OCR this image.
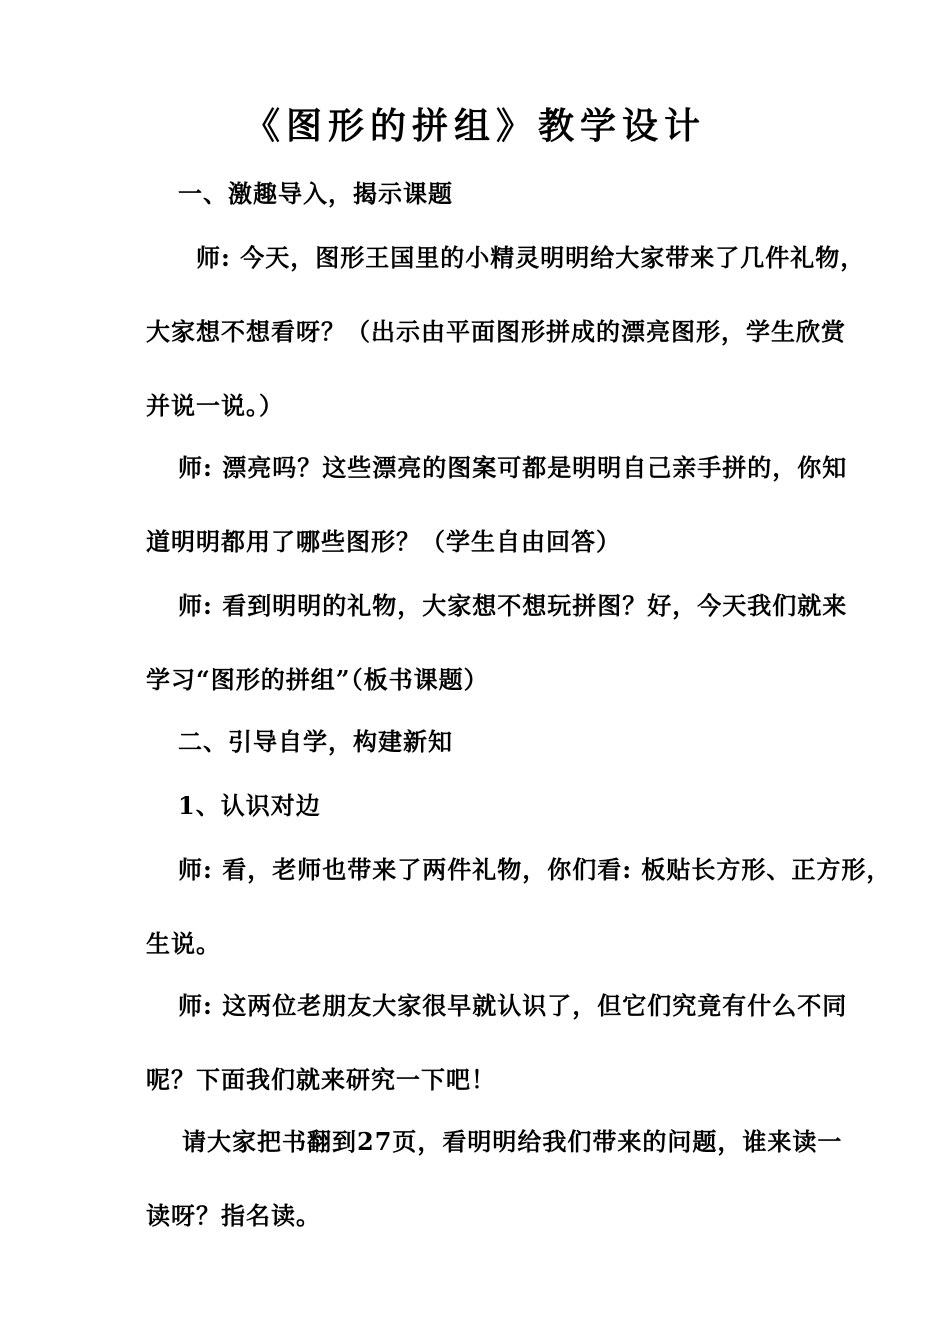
《图形的拼组》教学设计
一、激趣导入，揭示课题
师: 今天，图形王国里的小精灵明明给大家带来了几件礼物，
大家想不想看呀？（出示由平面图形拼成的漂亮图形，学生欣赏
并说一说。）
师: 漂亮吗？这些漂亮的图案可都是明明自己亲手拼的，你知
道明明都用了哪些图形？（学生自由回答）
师: 看到明明的礼物，大家想不想玩拼图？好，今天我们就来
学习“图形的拼组”（板书课题）
二、引导自学，构建新知
1、认识对边
师: 看，老师也带来了两件礼物，你们看: 板贴长方形、正方形，
生说。
师: 这两位老朋友大家很早就认识了，但它们究竟有什么不同
呢？下面我们就来研究一下吧！
请大家把书翻到27页，看明明给我们带来的问题，谁来读一
读呀？指名读。
